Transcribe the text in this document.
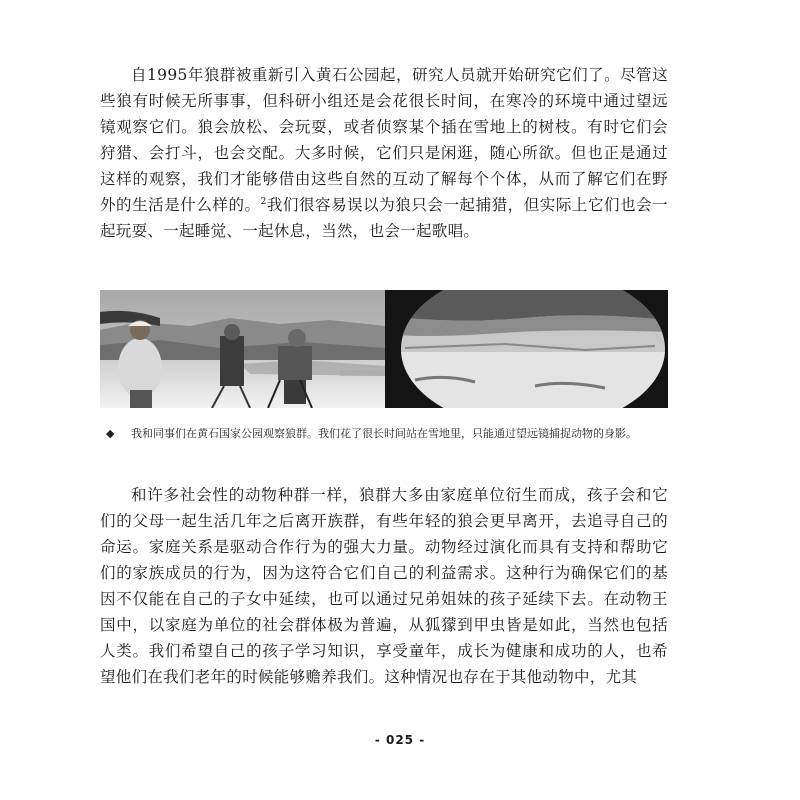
自1995年狼群被重新引入黄石公园起，研究人员就开始研究它们了。尽管这些狼有时候无所事事，但科研小组还是会花很长时间，在寒冷的环境中通过望远镜观察它们。狼会放松、会玩耍，或者侦察某个插在雪地上的树枝。有时它们会狩猎、会打斗，也会交配。大多时候，它们只是闲逛，随心所欲。但也正是通过这样的观察，我们才能够借由这些自然的互动了解每个个体，从而了解它们在野外的生活是什么样的。$^2$我们很容易误以为狼只会一起捕猎，但实际上它们也会一起玩耍、一起睡觉、一起休息，当然，也会一起歌唱。

◆ 我和同事们在黄石国家公园观察狼群。我们花了很长时间站在雪地里，只能通过望远镜捕捉动物的身影。

和许多社会性的动物种群一样，狼群大多由家庭单位衍生而成，孩子会和它们的父母一起生活几年之后离开族群，有些年轻的狼会更早离开，去追寻自己的命运。家庭关系是驱动合作行为的强大力量。动物经过演化而具有支持和帮助它们的家族成员的行为，因为这符合它们自己的利益需求。这种行为确保它们的基因不仅能在自己的子女中延续，也可以通过兄弟姐妹的孩子延续下去。在动物王国中，以家庭为单位的社会群体极为普遍，从狐獴到甲虫皆是如此，当然也包括人类。我们希望自己的孩子学习知识，享受童年，成长为健康和成功的人，也希望他们在我们老年的时候能够赡养我们。这种情况也存在于其他动物中，尤其

- 025 -
